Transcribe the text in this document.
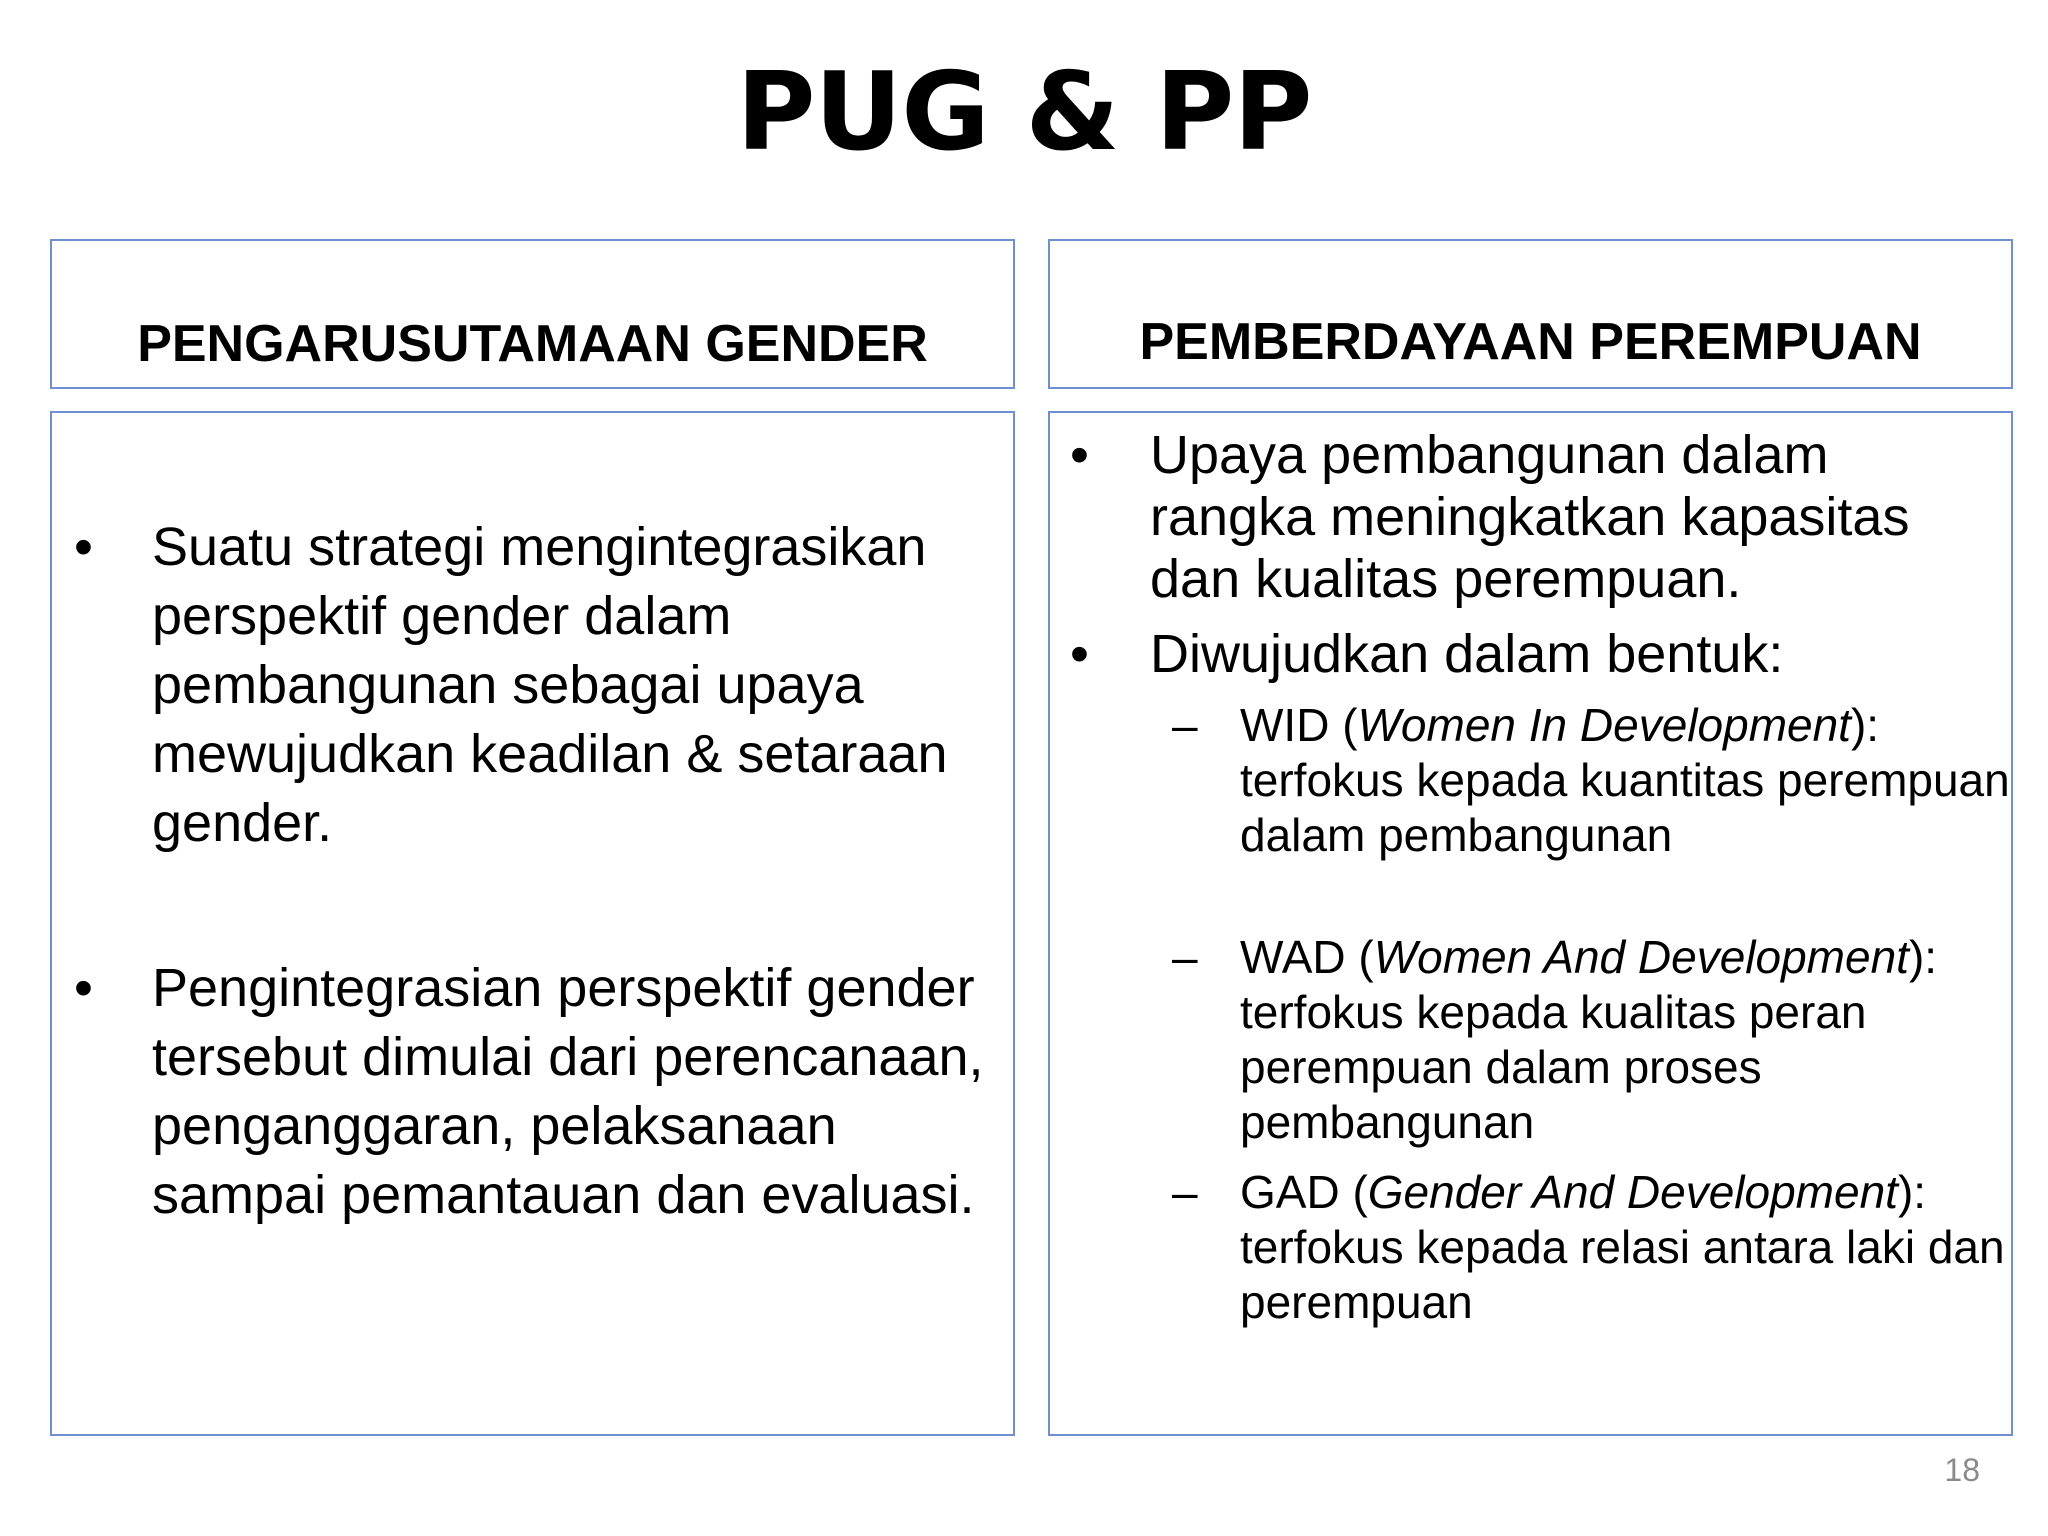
PUG & PP
PENGARUSUTAMAAN GENDER	PEMBERDAYAAN PEREMPUAN
•	Suatu strategi mengintegrasikan perspektif gender dalam pembangunan sebagai upaya mewujudkan keadilan & setaraan gender.
•	Pengintegrasian perspektif gender tersebut dimulai dari perencanaan, penganggaran, pelaksanaan sampai pemantauan dan evaluasi.
•	Upaya pembangunan dalam rangka meningkatkan kapasitas dan kualitas perempuan.
•	Diwujudkan dalam bentuk:
– WID (Women In Development): terfokus kepada kuantitas perempuan dalam pembangunan
– WAD (Women And Development): terfokus kepada kualitas peran perempuan dalam proses pembangunan
– GAD (Gender And Development): terfokus kepada relasi antara laki dan perempuan
18
